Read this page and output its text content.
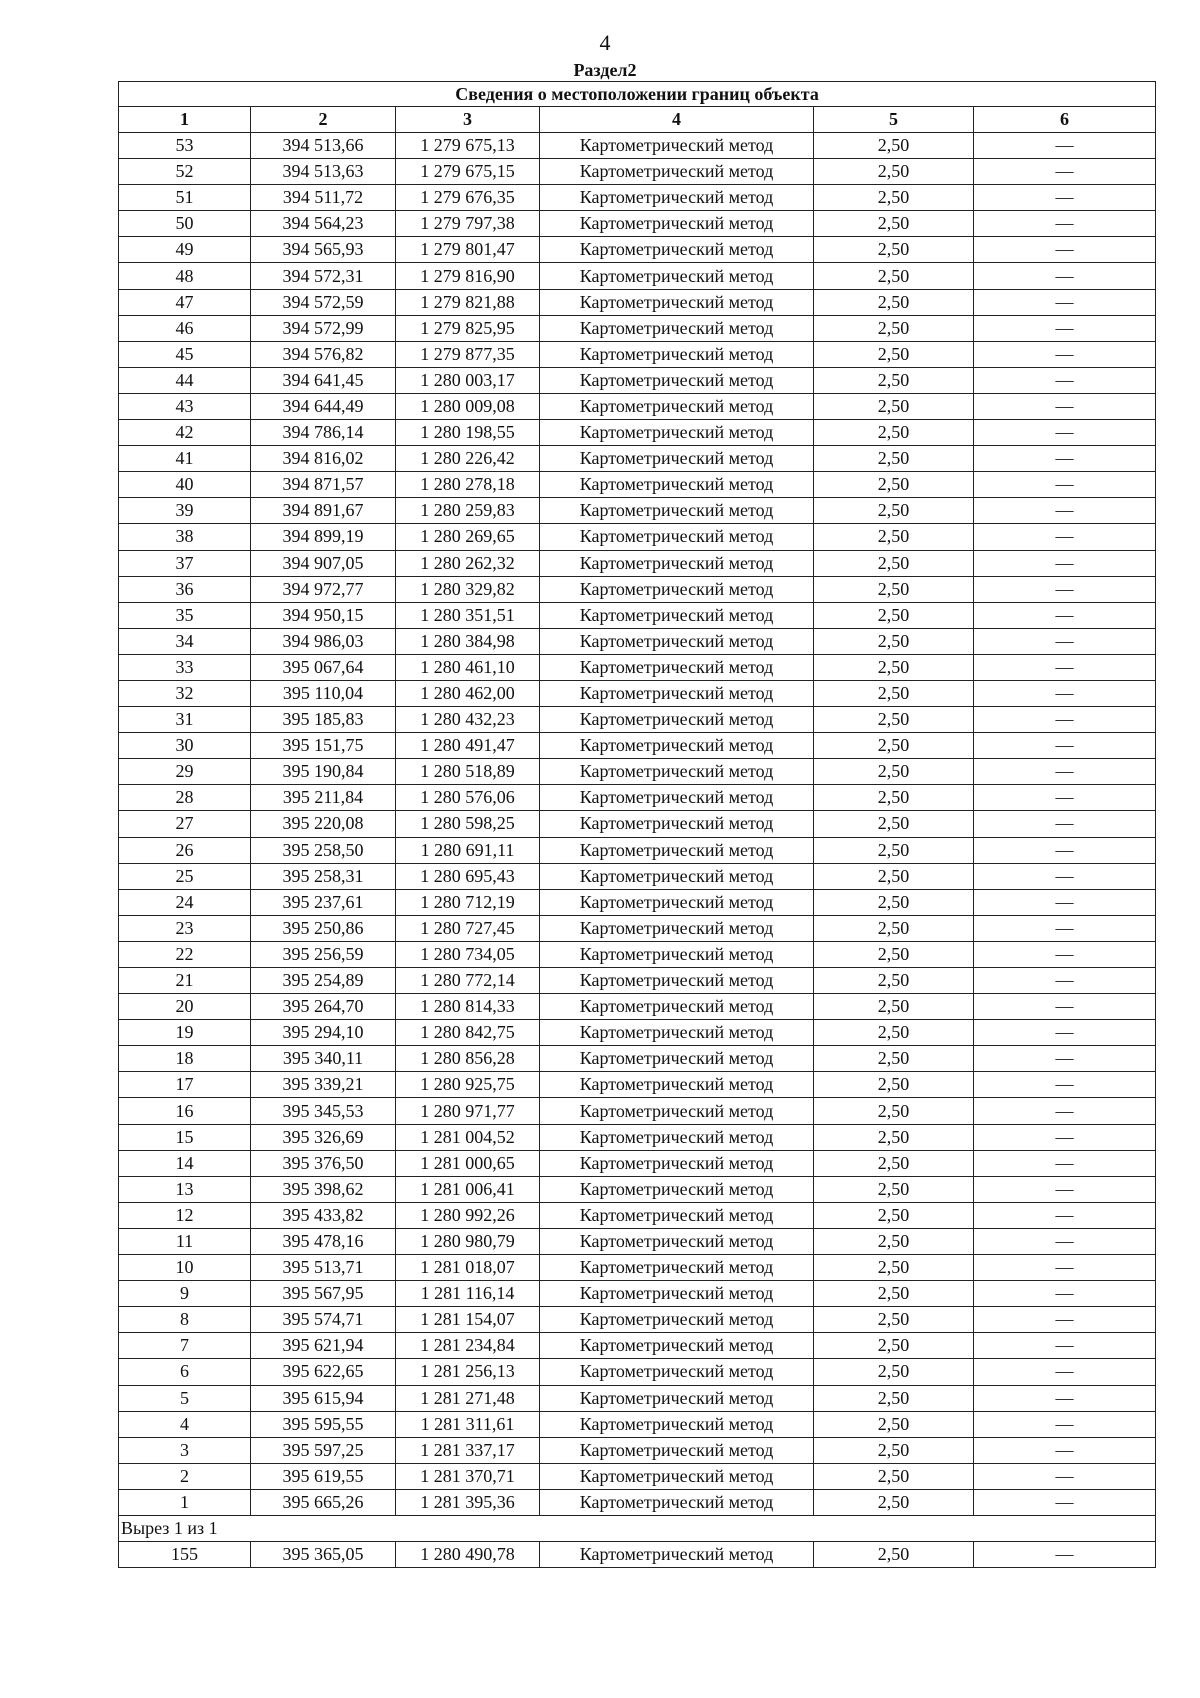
4
Раздел2
Сведения о местоположении границ объекта					
1	2	3	4	5	6
53	394 513,66	1 279 675,13	Картометрический метод	2,50	—
52	394 513,63	1 279 675,15	Картометрический метод	2,50	—
51	394 511,72	1 279 676,35	Картометрический метод	2,50	—
50	394 564,23	1 279 797,38	Картометрический метод	2,50	—
49	394 565,93	1 279 801,47	Картометрический метод	2,50	—
48	394 572,31	1 279 816,90	Картометрический метод	2,50	—
47	394 572,59	1 279 821,88	Картометрический метод	2,50	—
46	394 572,99	1 279 825,95	Картометрический метод	2,50	—
45	394 576,82	1 279 877,35	Картометрический метод	2,50	—
44	394 641,45	1 280 003,17	Картометрический метод	2,50	—
43	394 644,49	1 280 009,08	Картометрический метод	2,50	—
42	394 786,14	1 280 198,55	Картометрический метод	2,50	—
41	394 816,02	1 280 226,42	Картометрический метод	2,50	—
40	394 871,57	1 280 278,18	Картометрический метод	2,50	—
39	394 891,67	1 280 259,83	Картометрический метод	2,50	—
38	394 899,19	1 280 269,65	Картометрический метод	2,50	—
37	394 907,05	1 280 262,32	Картометрический метод	2,50	—
36	394 972,77	1 280 329,82	Картометрический метод	2,50	—
35	394 950,15	1 280 351,51	Картометрический метод	2,50	—
34	394 986,03	1 280 384,98	Картометрический метод	2,50	—
33	395 067,64	1 280 461,10	Картометрический метод	2,50	—
32	395 110,04	1 280 462,00	Картометрический метод	2,50	—
31	395 185,83	1 280 432,23	Картометрический метод	2,50	—
30	395 151,75	1 280 491,47	Картометрический метод	2,50	—
29	395 190,84	1 280 518,89	Картометрический метод	2,50	—
28	395 211,84	1 280 576,06	Картометрический метод	2,50	—
27	395 220,08	1 280 598,25	Картометрический метод	2,50	—
26	395 258,50	1 280 691,11	Картометрический метод	2,50	—
25	395 258,31	1 280 695,43	Картометрический метод	2,50	—
24	395 237,61	1 280 712,19	Картометрический метод	2,50	—
23	395 250,86	1 280 727,45	Картометрический метод	2,50	—
22	395 256,59	1 280 734,05	Картометрический метод	2,50	—
21	395 254,89	1 280 772,14	Картометрический метод	2,50	—
20	395 264,70	1 280 814,33	Картометрический метод	2,50	—
19	395 294,10	1 280 842,75	Картометрический метод	2,50	—
18	395 340,11	1 280 856,28	Картометрический метод	2,50	—
17	395 339,21	1 280 925,75	Картометрический метод	2,50	—
16	395 345,53	1 280 971,77	Картометрический метод	2,50	—
15	395 326,69	1 281 004,52	Картометрический метод	2,50	—
14	395 376,50	1 281 000,65	Картометрический метод	2,50	—
13	395 398,62	1 281 006,41	Картометрический метод	2,50	—
12	395 433,82	1 280 992,26	Картометрический метод	2,50	—
11	395 478,16	1 280 980,79	Картометрический метод	2,50	—
10	395 513,71	1 281 018,07	Картометрический метод	2,50	—
9	395 567,95	1 281 116,14	Картометрический метод	2,50	—
8	395 574,71	1 281 154,07	Картометрический метод	2,50	—
7	395 621,94	1 281 234,84	Картометрический метод	2,50	—
6	395 622,65	1 281 256,13	Картометрический метод	2,50	—
5	395 615,94	1 281 271,48	Картометрический метод	2,50	—
4	395 595,55	1 281 311,61	Картометрический метод	2,50	—
3	395 597,25	1 281 337,17	Картометрический метод	2,50	—
2	395 619,55	1 281 370,71	Картометрический метод	2,50	—
1	395 665,26	1 281 395,36	Картометрический метод	2,50	—
Вырез 1 из 1					
155	395 365,05	1 280 490,78	Картометрический метод	2,50	—
